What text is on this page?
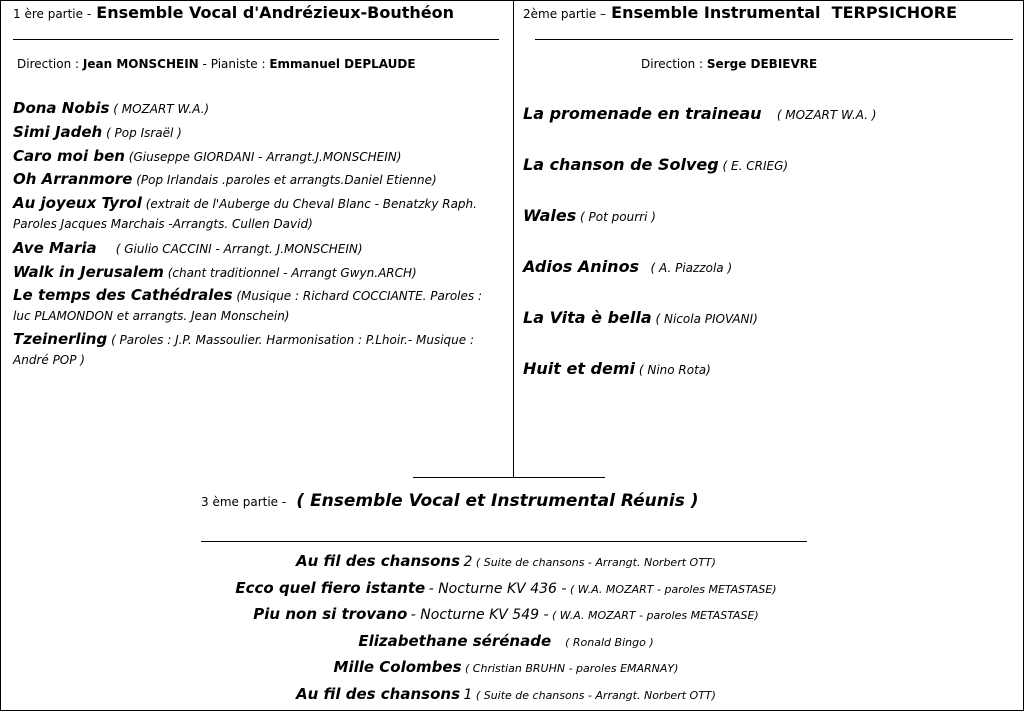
1 ère partie - Ensemble Vocal d'Andrézieux-Bouthéon
Direction : Jean MONSCHEIN - Pianiste : Emmanuel DEPLAUDE
Dona Nobis ( MOZART W.A.)
Simi Jadeh ( Pop Israël )
Caro moi ben (Giuseppe GIORDANI - Arrangt.J.MONSCHEIN)
Oh Arranmore (Pop Irlandais .paroles et arrangts.Daniel Etienne)
Au joyeux Tyrol (extrait de l'Auberge du Cheval Blanc - Benatzky Raph. Paroles Jacques Marchais -Arrangts. Cullen David)
Ave Maria ( Giulio CACCINI - Arrangt. J.MONSCHEIN)
Walk in Jerusalem (chant traditionnel - Arrangt Gwyn.ARCH)
Le temps des Cathédrales (Musique : Richard COCCIANTE. Paroles : luc PLAMONDON et arrangts. Jean Monschein)
Tzeinerling ( Paroles : J.P. Massoulier. Harmonisation : P.Lhoir.- Musique : André POP )
2ème partie – Ensemble Instrumental  TERPSICHORE
Direction : Serge DEBIEVRE
La promenade en traineau ( MOZART W.A. )
La chanson de Solveg ( E. CRIEG)
Wales ( Pot pourri )
Adios Aninos ( A. Piazzola )
La Vita è bella ( Nicola PIOVANI)
Huit et demi ( Nino Rota)
3 ème partie - ( Ensemble Vocal et Instrumental Réunis )
Au fil des chansons 2 ( Suite de chansons - Arrangt. Norbert OTT)
Ecco quel fiero istante - Nocturne KV 436 - ( W.A. MOZART - paroles METASTASE)
Piu non si trovano - Nocturne KV 549 - ( W.A. MOZART - paroles METASTASE)
Elizabethane sérénade ( Ronald Bingo )
Mille Colombes ( Christian BRUHN - paroles EMARNAY)
Au fil des chansons 1 ( Suite de chansons - Arrangt. Norbert OTT)
